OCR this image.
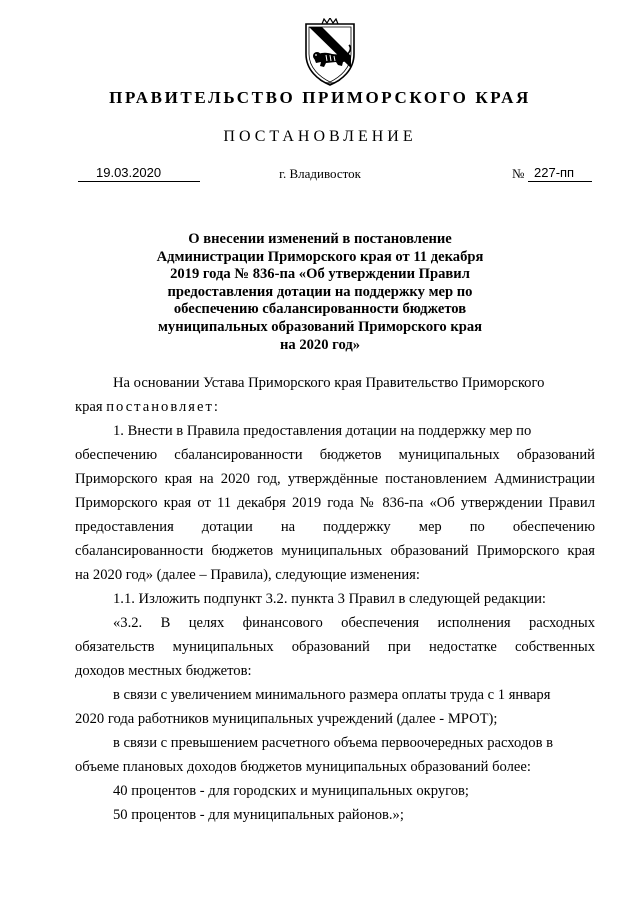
ПРАВИТЕЛЬСТВО ПРИМОРСКОГО КРАЯ
ПОСТАНОВЛЕНИЕ
19.03.2020	г. Владивосток	№ 227-пп
О внесении изменений в постановление
Администрации Приморского края от 11 декабря
2019 года № 836-па «Об утверждении Правил
предоставления дотации на поддержку мер по
обеспечению сбалансированности бюджетов
муниципальных образований Приморского края
на 2020 год»
На основании Устава Приморского края Правительство Приморского
края постановляет:
1. Внести в Правила предоставления дотации на поддержку мер по
обеспечению сбалансированности бюджетов муниципальных образований
Приморского края на 2020 год, утверждённые постановлением Администрации
Приморского края от 11 декабря 2019 года № 836-па «Об утверждении Правил
предоставления дотации на поддержку мер по обеспечению
сбалансированности бюджетов муниципальных образований Приморского края
на 2020 год» (далее – Правила), следующие изменения:
1.1. Изложить подпункт 3.2. пункта 3 Правил в следующей редакции:
«3.2. В целях финансового обеспечения исполнения расходных
обязательств муниципальных образований при недостатке собственных
доходов местных бюджетов:
в связи с увеличением минимального размера оплаты труда с 1 января
2020 года работников муниципальных учреждений (далее - МРОТ);
в связи с превышением расчетного объема первоочередных расходов в
объеме плановых доходов бюджетов муниципальных образований более:
40 процентов - для городских и муниципальных округов;
50 процентов - для муниципальных районов.»;
